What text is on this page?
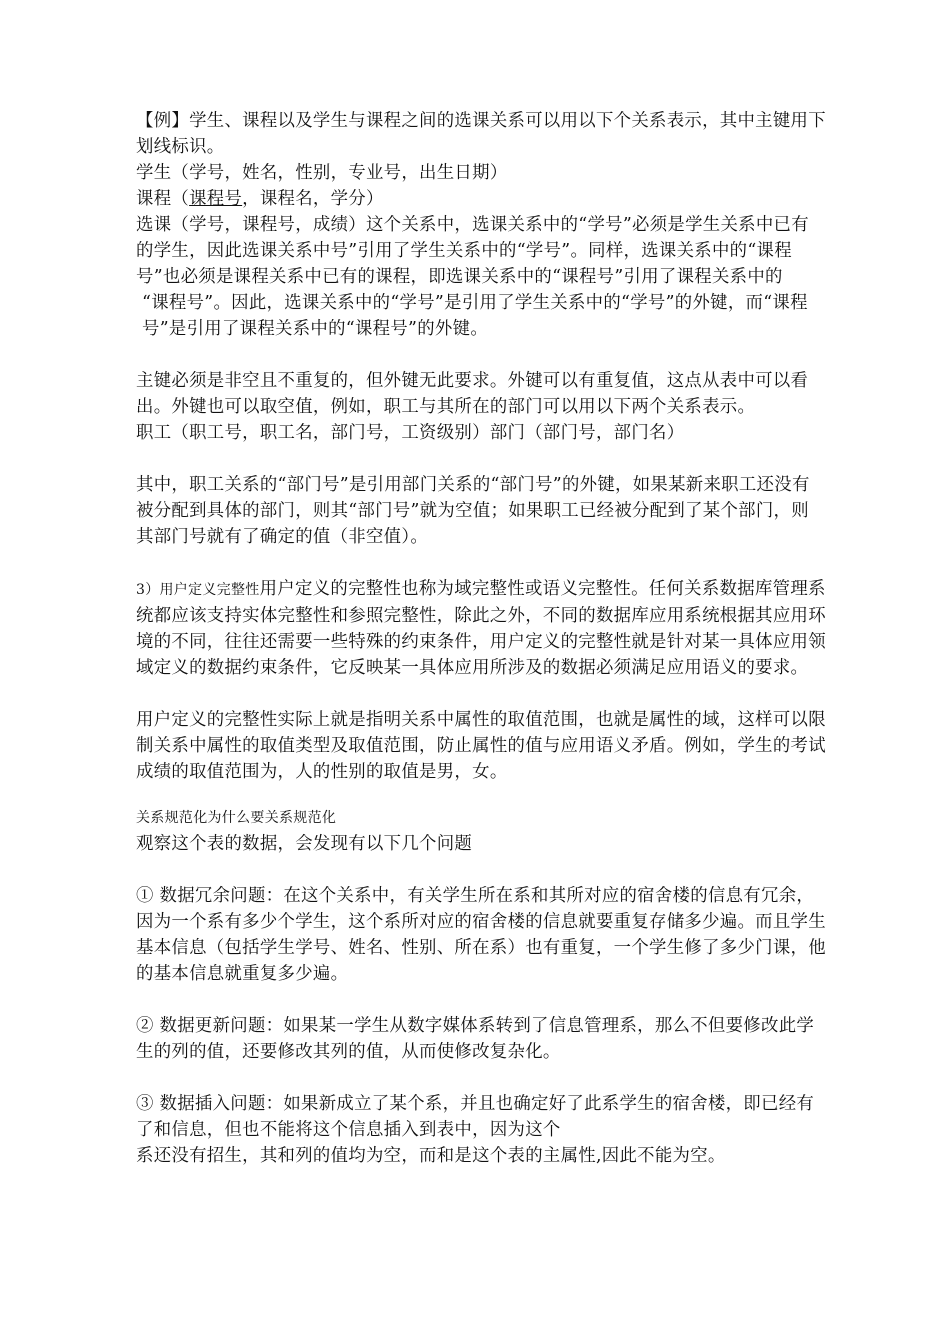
【例】学生、课程以及学生与课程之间的选课关系可以用以下个关系表示，其中主键用下划线标识。

学生（学号，姓名，性别，专业号，出生日期）

课程（课程号，课程名，学分）

选课（学号，课程号，成绩）这个关系中，选课关系中的“学号”必须是学生关系中已有的学生，因此选课关系中号”引用了学生关系中的“学号”。同样，选课关系中的“课程号”也必须是课程关系中已有的课程，即选课关系中的“课程号”引用了课程关系中的

“课程号”。因此，选课关系中的“学号”是引用了学生关系中的“学号”的外键，而“课程号”是引用了课程关系中的“课程号”的外键。

主键必须是非空且不重复的，但外键无此要求。外键可以有重复值，这点从表中可以看出。外键也可以取空值，例如，职工与其所在的部门可以用以下两个关系表示。

职工（职工号，职工名，部门号，工资级别）部门（部门号，部门名）

其中，职工关系的“部门号”是引用部门关系的“部门号”的外键，如果某新来职工还没有被分配到具体的部门，则其“部门号”就为空值；如果职工已经被分配到了某个部门，则其部门号就有了确定的值（非空值）。

3）用户定义完整性用户定义的完整性也称为域完整性或语义完整性。任何关系数据库管理系统都应该支持实体完整性和参照完整性，除此之外，不同的数据库应用系统根据其应用环境的不同，往往还需要一些特殊的约束条件，用户定义的完整性就是针对某一具体应用领域定义的数据约束条件，它反映某一具体应用所涉及的数据必须满足应用语义的要求。

用户定义的完整性实际上就是指明关系中属性的取值范围，也就是属性的域，这样可以限制关系中属性的取值类型及取值范围，防止属性的值与应用语义矛盾。例如，学生的考试成绩的取值范围为，人的性别的取值是男，女。

关系规范化为什么要关系规范化

观察这个表的数据，会发现有以下几个问题

① 数据冗余问题：在这个关系中，有关学生所在系和其所对应的宿舍楼的信息有冗余，因为一个系有多少个学生，这个系所对应的宿舍楼的信息就要重复存储多少遍。而且学生基本信息（包括学生学号、姓名、性别、所在系）也有重复，一个学生修了多少门课，他的基本信息就重复多少遍。

② 数据更新问题：如果某一学生从数字媒体系转到了信息管理系，那么不但要修改此学生的列的值，还要修改其列的值，从而使修改复杂化。

③ 数据插入问题：如果新成立了某个系，并且也确定好了此系学生的宿舍楼，即已经有了和信息，但也不能将这个信息插入到表中，因为这个

系还没有招生，其和列的值均为空，而和是这个表的主属性,因此不能为空。
